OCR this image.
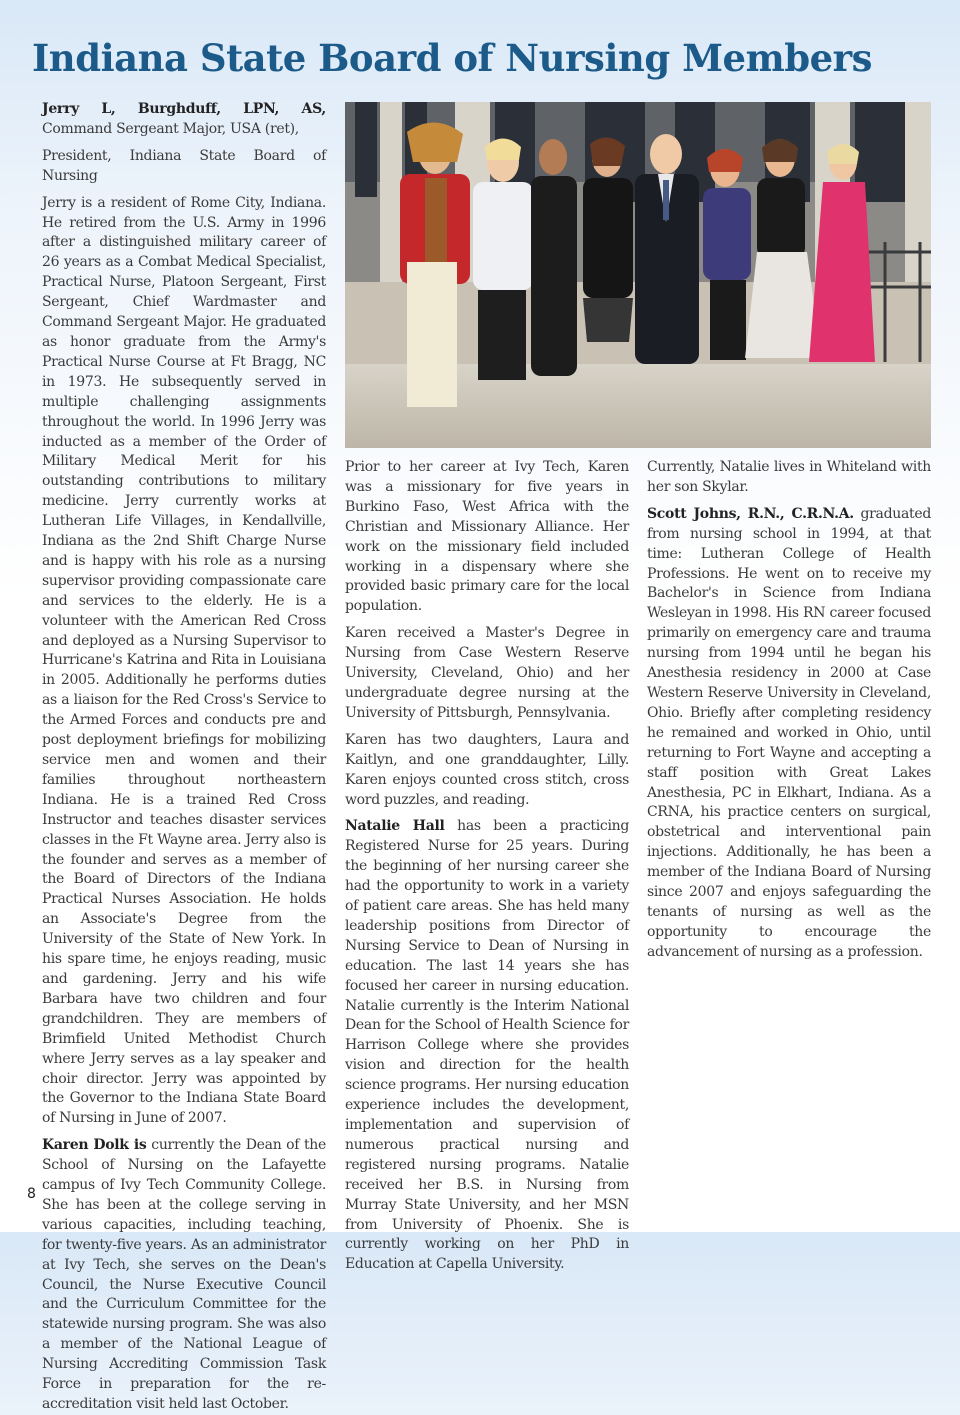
Indiana State Board of Nursing Members

Jerry L, Burghduff, LPN, AS, Command Sergeant Major, USA (ret),

President, Indiana State Board of Nursing

Jerry is a resident of Rome City, Indiana. He retired from the U.S. Army in 1996 after a distinguished military career of 26 years as a Combat Medical Specialist, Practical Nurse, Platoon Sergeant, First Sergeant, Chief Wardmaster and Command Sergeant Major. He graduated as honor graduate from the Army's Practical Nurse Course at Ft Bragg, NC in 1973. He subsequently served in multiple challenging assignments throughout the world. In 1996 Jerry was inducted as a member of the Order of Military Medical Merit for his outstanding contributions to military medicine. Jerry currently works at Lutheran Life Villages, in Kendallville, Indiana as the 2nd Shift Charge Nurse and is happy with his role as a nursing supervisor providing compassionate care and services to the elderly. He is a volunteer with the American Red Cross and deployed as a Nursing Supervisor to Hurricane's Katrina and Rita in Louisiana in 2005. Additionally he performs duties as a liaison for the Red Cross's Service to the Armed Forces and conducts pre and post deployment briefings for mobilizing service men and women and their families throughout northeastern Indiana. He is a trained Red Cross Instructor and teaches disaster services classes in the Ft Wayne area. Jerry also is the founder and serves as a member of the Board of Directors of the Indiana Practical Nurses Association. He holds an Associate's Degree from the University of the State of New York. In his spare time, he enjoys reading, music and gardening. Jerry and his wife Barbara have two children and four grandchildren. They are members of Brimfield United Methodist Church where Jerry serves as a lay speaker and choir director. Jerry was appointed by the Governor to the Indiana State Board of Nursing in June of 2007.

Karen Dolk is currently the Dean of the School of Nursing on the Lafayette campus of Ivy Tech Community College. She has been at the college serving in various capacities, including teaching, for twenty-five years. As an administrator at Ivy Tech, she serves on the Dean's Council, the Nurse Executive Council and the Curriculum Committee for the statewide nursing program. She was also a member of the National League of Nursing Accrediting Commission Task Force in preparation for the re-accreditation visit held last October.

Prior to her career at Ivy Tech, Karen was a missionary for five years in Burkino Faso, West Africa with the Christian and Missionary Alliance. Her work on the missionary field included working in a dispensary where she provided basic primary care for the local population.

Karen received a Master's Degree in Nursing from Case Western Reserve University, Cleveland, Ohio) and her undergraduate degree nursing at the University of Pittsburgh, Pennsylvania.

Karen has two daughters, Laura and Kaitlyn, and one granddaughter, Lilly. Karen enjoys counted cross stitch, cross word puzzles, and reading.

Natalie Hall has been a practicing Registered Nurse for 25 years. During the beginning of her nursing career she had the opportunity to work in a variety of patient care areas. She has held many leadership positions from Director of Nursing Service to Dean of Nursing in education. The last 14 years she has focused her career in nursing education. Natalie currently is the Interim National Dean for the School of Health Science for Harrison College where she provides vision and direction for the health science programs. Her nursing education experience includes the development, implementation and supervision of numerous practical nursing and registered nursing programs. Natalie received her B.S. in Nursing from Murray State University, and her MSN from University of Phoenix. She is currently working on her PhD in Education at Capella University.

Currently, Natalie lives in Whiteland with her son Skylar.

Scott Johns, R.N., C.R.N.A. graduated from nursing school in 1994, at that time: Lutheran College of Health Professions. He went on to receive my Bachelor's in Science from Indiana Wesleyan in 1998. His RN career focused primarily on emergency care and trauma nursing from 1994 until he began his Anesthesia residency in 2000 at Case Western Reserve University in Cleveland, Ohio. Briefly after completing residency he remained and worked in Ohio, until returning to Fort Wayne and accepting a staff position with Great Lakes Anesthesia, PC in Elkhart, Indiana. As a CRNA, his practice centers on surgical, obstetrical and interventional pain injections. Additionally, he has been a member of the Indiana Board of Nursing since 2007 and enjoys safeguarding the tenants of nursing as well as the opportunity to encourage the advancement of nursing as a profession.

8
